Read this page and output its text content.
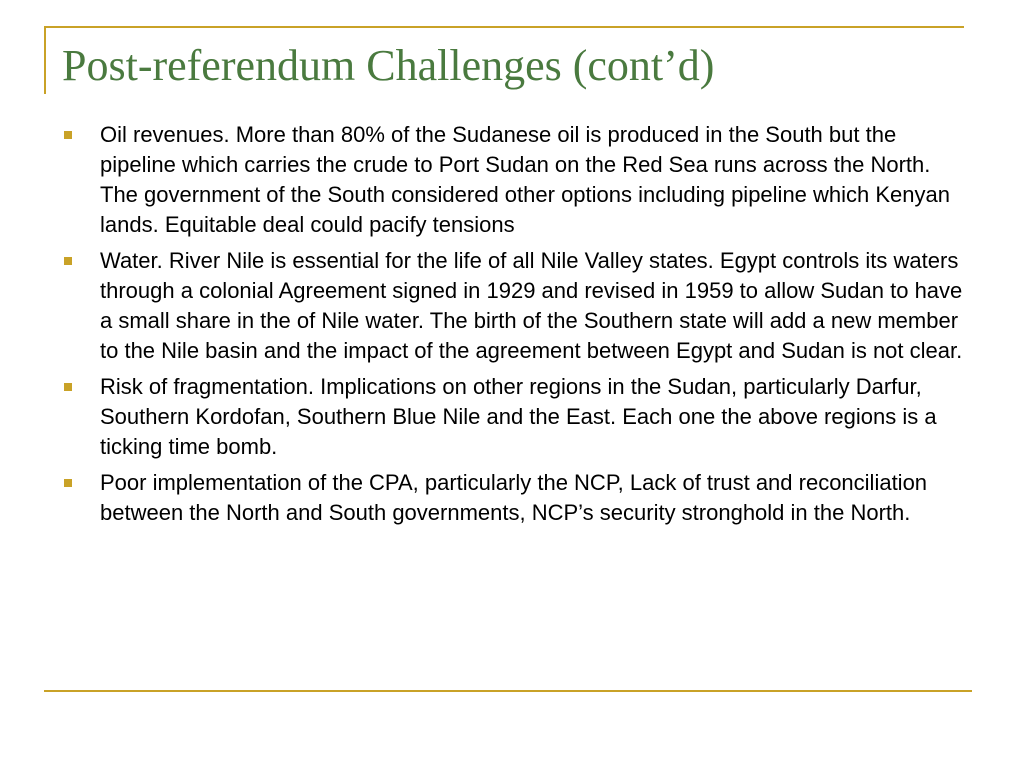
Post-referendum Challenges (cont’d)
Oil revenues. More than 80% of the Sudanese oil is produced in the South but the pipeline which carries the crude to Port Sudan on the Red Sea runs across the North. The government of the South considered other options including pipeline which Kenyan lands. Equitable deal could pacify tensions
Water. River Nile is essential for the life of all Nile Valley states. Egypt controls its waters through a colonial Agreement signed in 1929 and revised in 1959 to allow Sudan to have a small share in the of Nile water. The birth of the Southern state will add a new member to the Nile basin and the impact of the agreement between Egypt and Sudan is not clear.
Risk of fragmentation. Implications on other regions in the Sudan, particularly Darfur, Southern Kordofan, Southern Blue Nile and the East. Each one the above regions is a ticking time bomb.
Poor implementation of the CPA, particularly the NCP, Lack of trust and reconciliation between the North and South governments, NCP’s security stronghold in the North.
